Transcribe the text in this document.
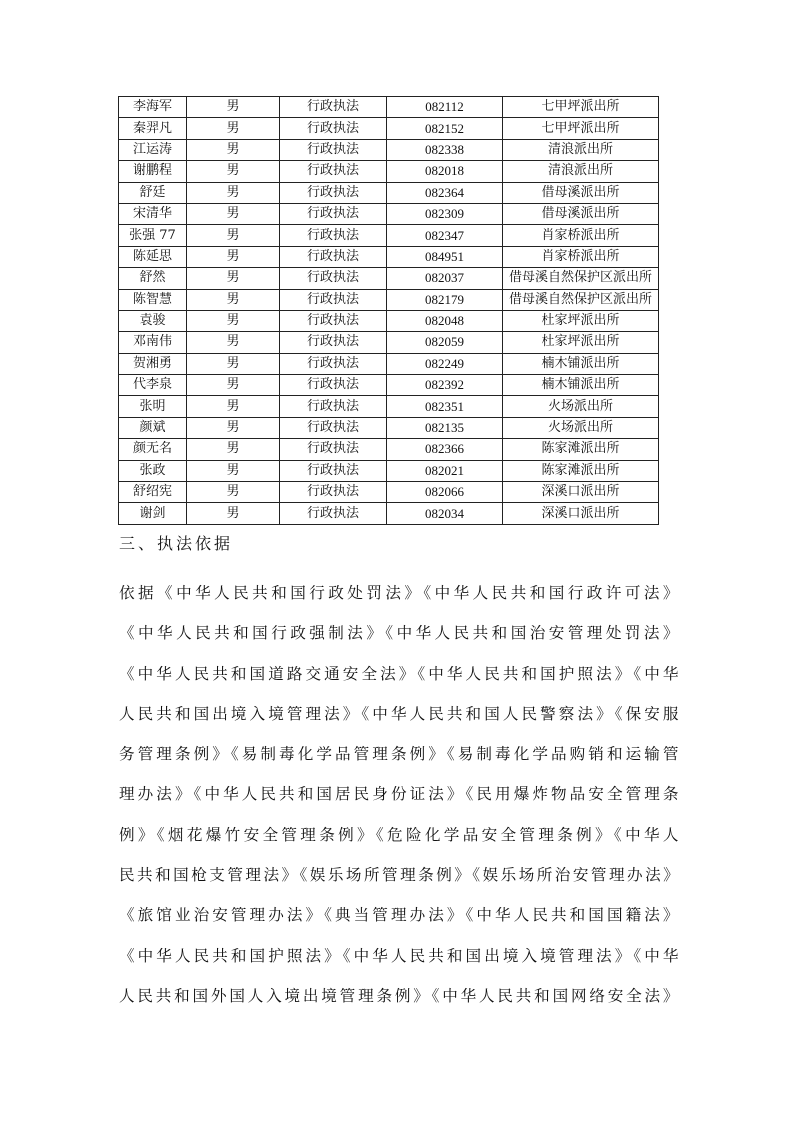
李海军	男	行政执法	082112	七甲坪派出所
秦羿凡	男	行政执法	082152	七甲坪派出所
江运涛	男	行政执法	082338	清浪派出所
谢鹏程	男	行政执法	082018	清浪派出所
舒廷	男	行政执法	082364	借母溪派出所
宋清华	男	行政执法	082309	借母溪派出所
张强 77	男	行政执法	082347	肖家桥派出所
陈延思	男	行政执法	084951	肖家桥派出所
舒然	男	行政执法	082037	借母溪自然保护区派出所
陈智慧	男	行政执法	082179	借母溪自然保护区派出所
袁骏	男	行政执法	082048	杜家坪派出所
邓南伟	男	行政执法	082059	杜家坪派出所
贺湘勇	男	行政执法	082249	楠木铺派出所
代李泉	男	行政执法	082392	楠木铺派出所
张明	男	行政执法	082351	火场派出所
颜斌	男	行政执法	082135	火场派出所
颜无名	男	行政执法	082366	陈家滩派出所
张政	男	行政执法	082021	陈家滩派出所
舒绍宪	男	行政执法	082066	深溪口派出所
谢剑	男	行政执法	082034	深溪口派出所
三、执法依据
依据《中华人民共和国行政处罚法》《中华人民共和国行政许可法》
《中华人民共和国行政强制法》《中华人民共和国治安管理处罚法》
《中华人民共和国道路交通安全法》《中华人民共和国护照法》《中华
人民共和国出境入境管理法》《中华人民共和国人民警察法》《保安服
务管理条例》《易制毒化学品管理条例》《易制毒化学品购销和运输管
理办法》《中华人民共和国居民身份证法》《民用爆炸物品安全管理条
例》《烟花爆竹安全管理条例》《危险化学品安全管理条例》《中华人
民共和国枪支管理法》《娱乐场所管理条例》《娱乐场所治安管理办法》
《旅馆业治安管理办法》《典当管理办法》《中华人民共和国国籍法》
《中华人民共和国护照法》《中华人民共和国出境入境管理法》《中华
人民共和国外国人入境出境管理条例》《中华人民共和国网络安全法》
